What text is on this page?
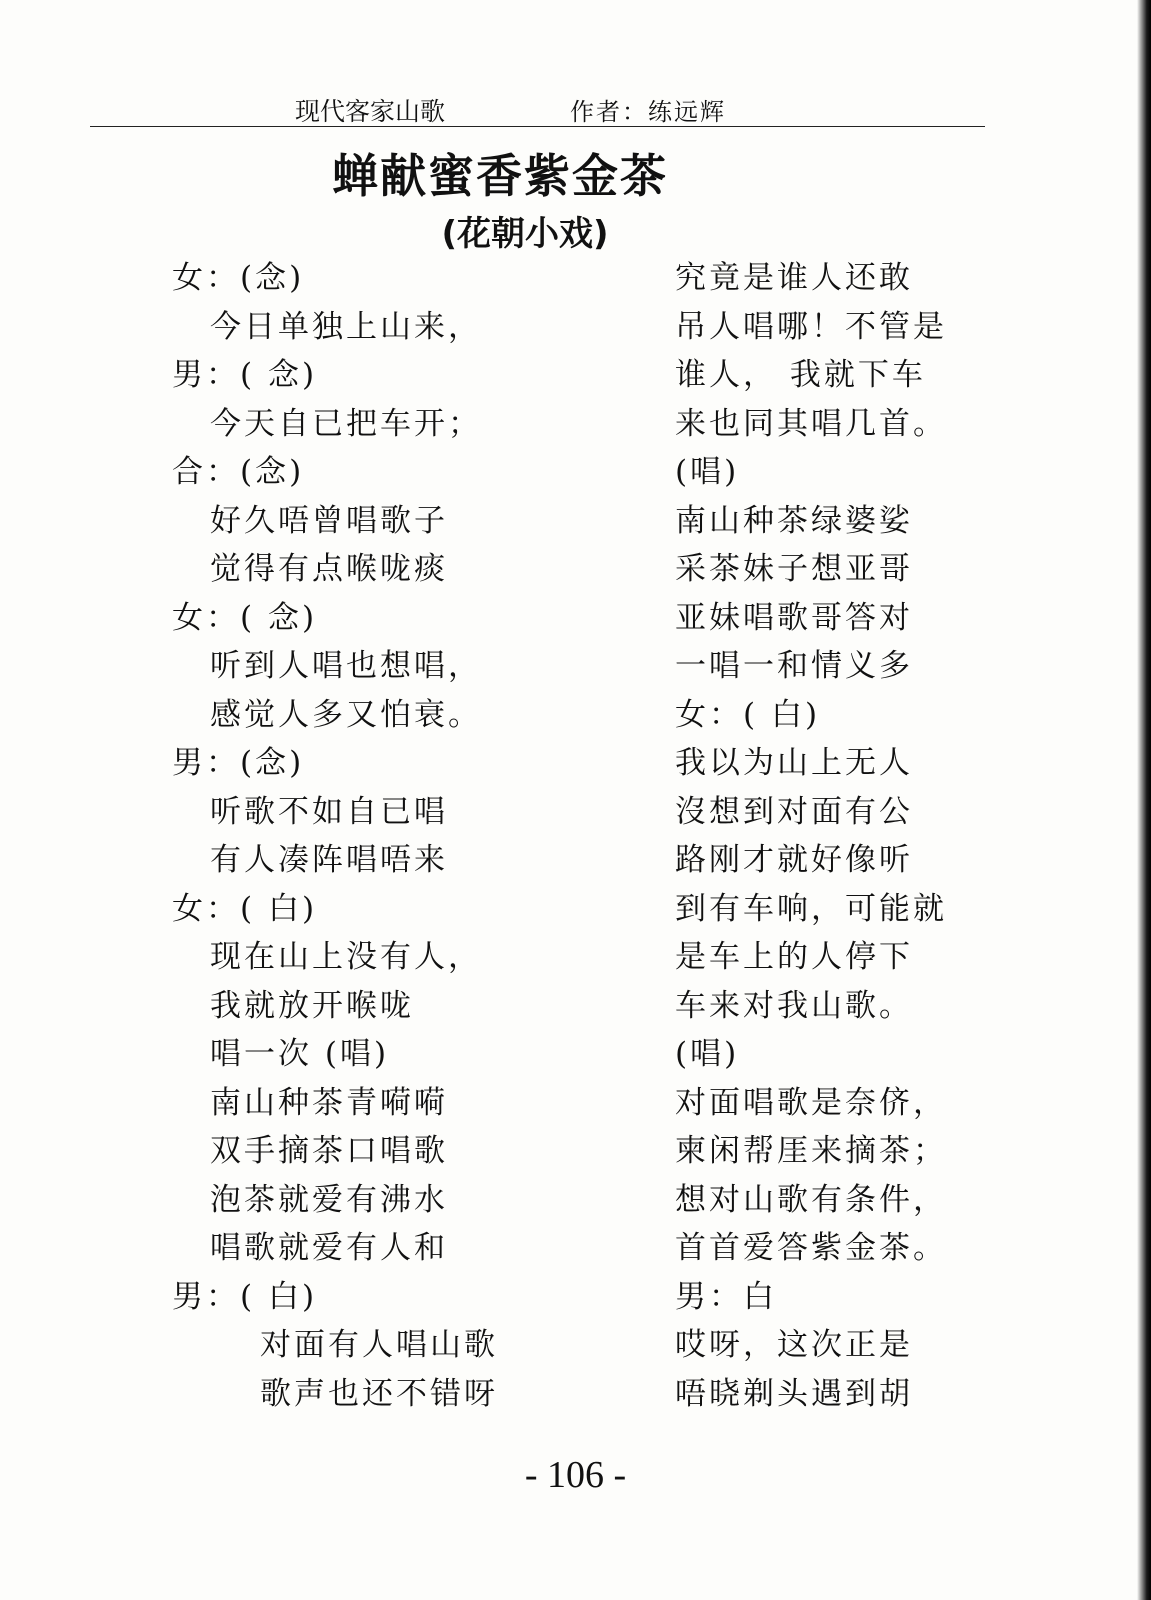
现代客家山歌	作者：练远辉
蝉献蜜香紫金茶
(花朝小戏)
女：(念)
今日单独上山来，
男：( 念)
今天自已把车开；
合：(念)
好久唔曾唱歌子
觉得有点喉咙痰
女：( 念)
听到人唱也想唱，
感觉人多又怕衰。
男：(念)
听歌不如自已唱
有人凑阵唱唔来
女：( 白)
现在山上没有人，
我就放开喉咙
唱一次 (唱)
南山种茶青嗬嗬
双手摘茶口唱歌
泡茶就爱有沸水
唱歌就爱有人和
男：( 白)
对面有人唱山歌
歌声也还不错呀
究竟是谁人还敢
吊人唱哪！不管是
谁人， 我就下车
来也同其唱几首。
(唱)
南山种茶绿婆娑
采茶妹子想亚哥
亚妹唱歌哥答对
一唱一和情义多
女：( 白)
我以为山上无人
沒想到对面有公
路刚才就好像听
到有车响，可能就
是车上的人停下
车来对我山歌。
(唱)
对面唱歌是奈侪，
柬闲帮厓来摘茶；
想对山歌有条件，
首首爱答紫金茶。
男：白
哎呀，这次正是
唔晓剃头遇到胡
- 106 -
